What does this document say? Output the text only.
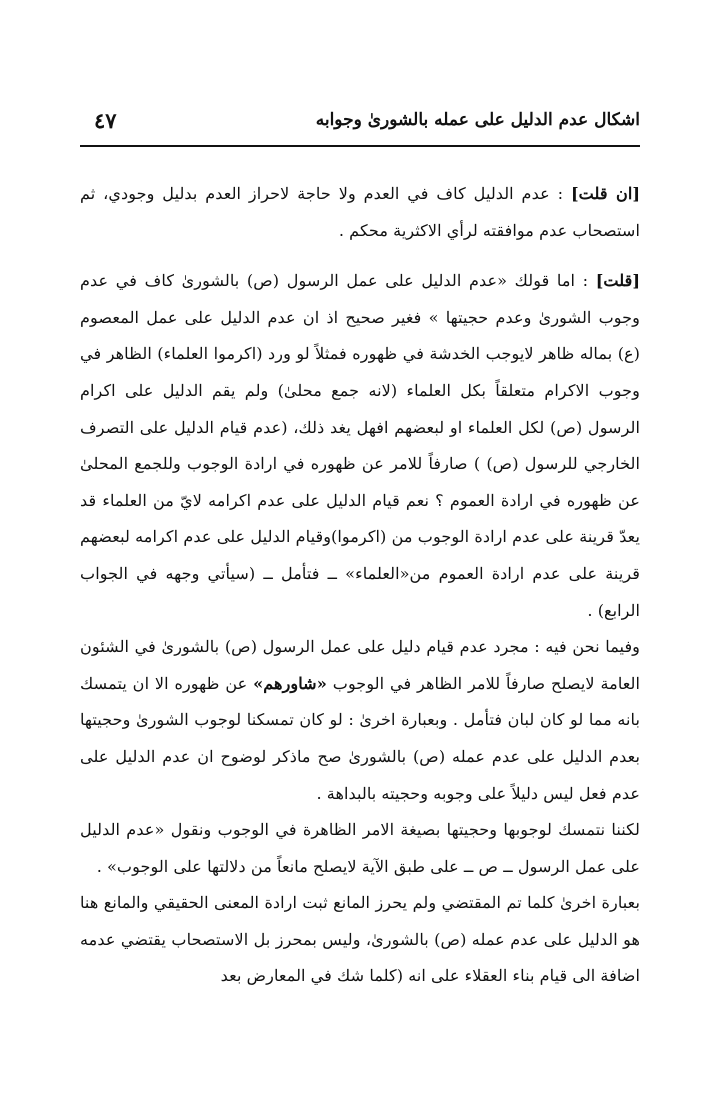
اشكال عدم الدليل على عمله بالشورىٰ وجوابه
٤٧

[ان قلت] : عدم الدليل كاف في العدم ولا حاجة لاحراز العدم بدليل وجودي، ثم استصحاب عدم موافقته لرأي الاكثرية محكم .

[قلت] : اما قولك «عدم الدليل على عمل الرسول (ص) بالشورىٰ كاف في عدم وجوب الشورىٰ وعدم حجيتها » فغير صحيح اذ ان عدم الدليل على عمل المعصوم (ع) بماله ظاهر لايوجب الخدشة في ظهوره فمثلاً لو ورد (اكرموا العلماء) الظاهر في وجوب الاكرام متعلقاً بكل العلماء (لانه جمع محلىٰ) ولم يقم الدليل على اكرام الرسول (ص) لكل العلماء او لبعضهم افهل يغد ذلك، (عدم قيام الدليل على التصرف الخارجي للرسول (ص) ) صارفاً للامر عن ظهوره في ارادة الوجوب وللجمع المحلىٰ عن ظهوره في ارادة العموم ؟ نعم قيام الدليل على عدم اكرامه لايّ من العلماء قد يعدّ قرينة على عدم ارادة الوجوب من (اكرموا)وقيام الدليل على عدم اكرامه لبعضهم قرينة على عدم ارادة العموم من«العلماء» ــ فتأمل ــ (سيأتي وجهه في الجواب الرابع) .

وفيما نحن فيه : مجرد عدم قيام دليل على عمل الرسول (ص) بالشورىٰ في الشئون العامة لايصلح صارفاً للامر الظاهر في الوجوب «شاورهم» عن ظهوره الا ان يتمسك بانه مما لو كان لبان فتأمل . وبعبارة اخرىٰ : لو كان تمسكنا لوجوب الشورىٰ وحجيتها بعدم الدليل على عدم عمله (ص) بالشورىٰ صح ماذكر لوضوح ان عدم الدليل على عدم فعل ليس دليلاً على وجوبه وحجيته بالبداهة .

لكننا نتمسك لوجوبها وحجيتها بصيغة الامر الظاهرة في الوجوب ونقول «عدم الدليل على عمل الرسول ــ ص ــ على طبق الآية لايصلح مانعاً من دلالتها على الوجوب» .

بعبارة اخرىٰ كلما تم المقتضي ولم يحرز المانع ثبت ارادة المعنى الحقيقي والمانع هنا هو الدليل على عدم عمله (ص) بالشورىٰ، وليس بمحرز بل الاستصحاب يقتضي عدمه اضافة الى قيام بناء العقلاء على انه (كلما شك في المعارض بعد
